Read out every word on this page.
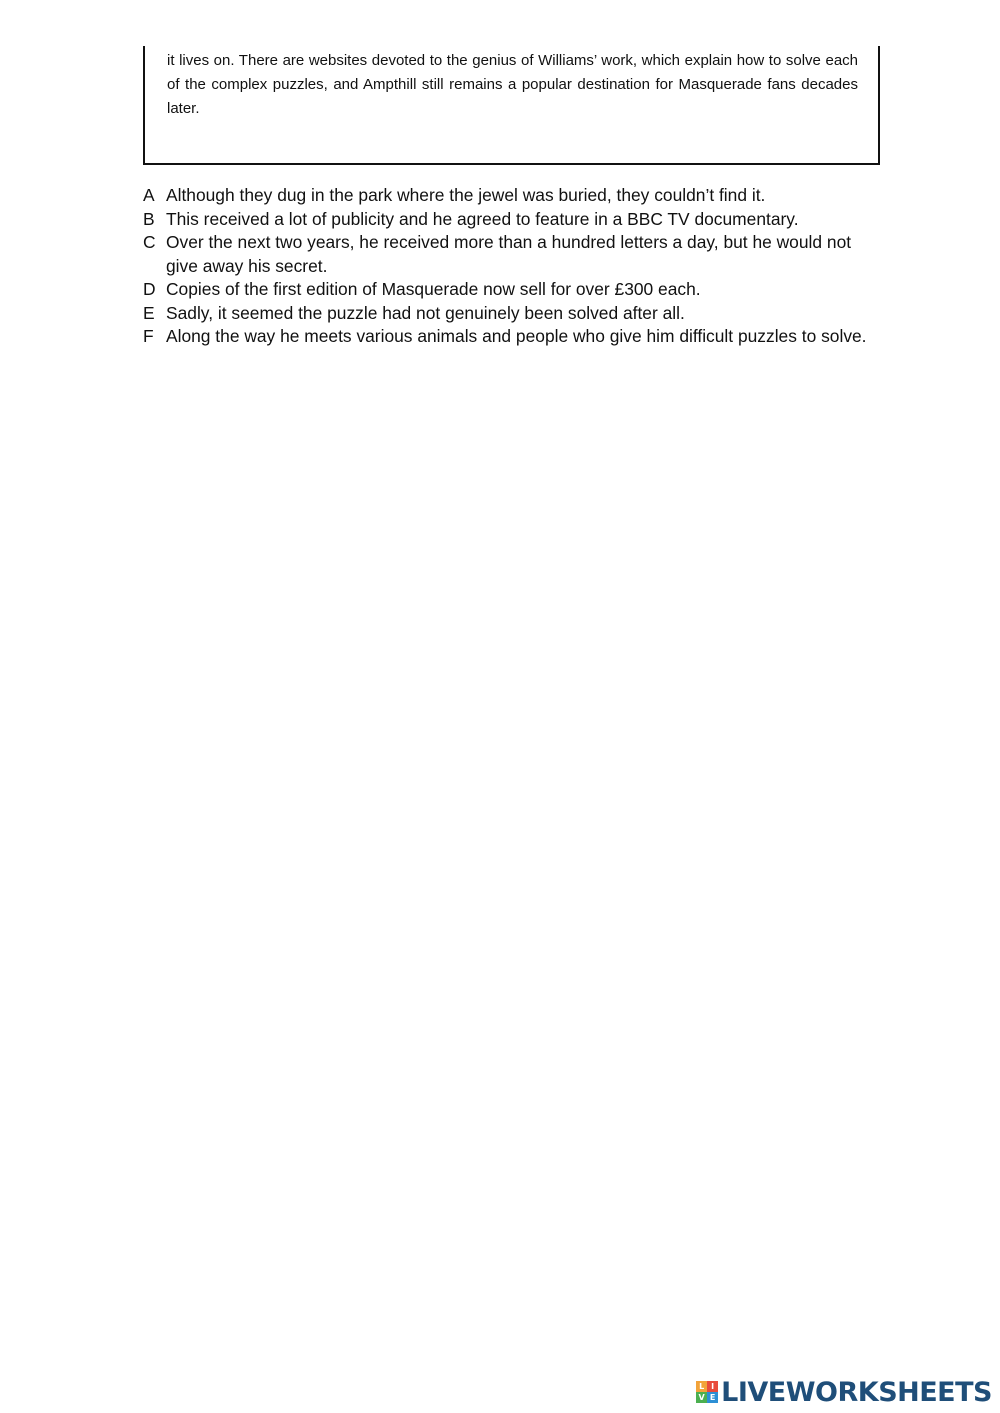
it lives on. There are websites devoted to the genius of Williams’ work, which explain how to solve each of the complex puzzles, and Ampthill still remains a popular destination for Masquerade fans decades later.

A Although they dug in the park where the jewel was buried, they couldn’t find it.
B This received a lot of publicity and he agreed to feature in a BBC TV documentary.
C Over the next two years, he received more than a hundred letters a day, but he would not give away his secret.
D Copies of the first edition of Masquerade now sell for over £300 each.
E Sadly, it seemed the puzzle had not genuinely been solved after all.
F Along the way he meets various animals and people who give him difficult puzzles to solve.
L I
V E LIVEWORKSHEETS
